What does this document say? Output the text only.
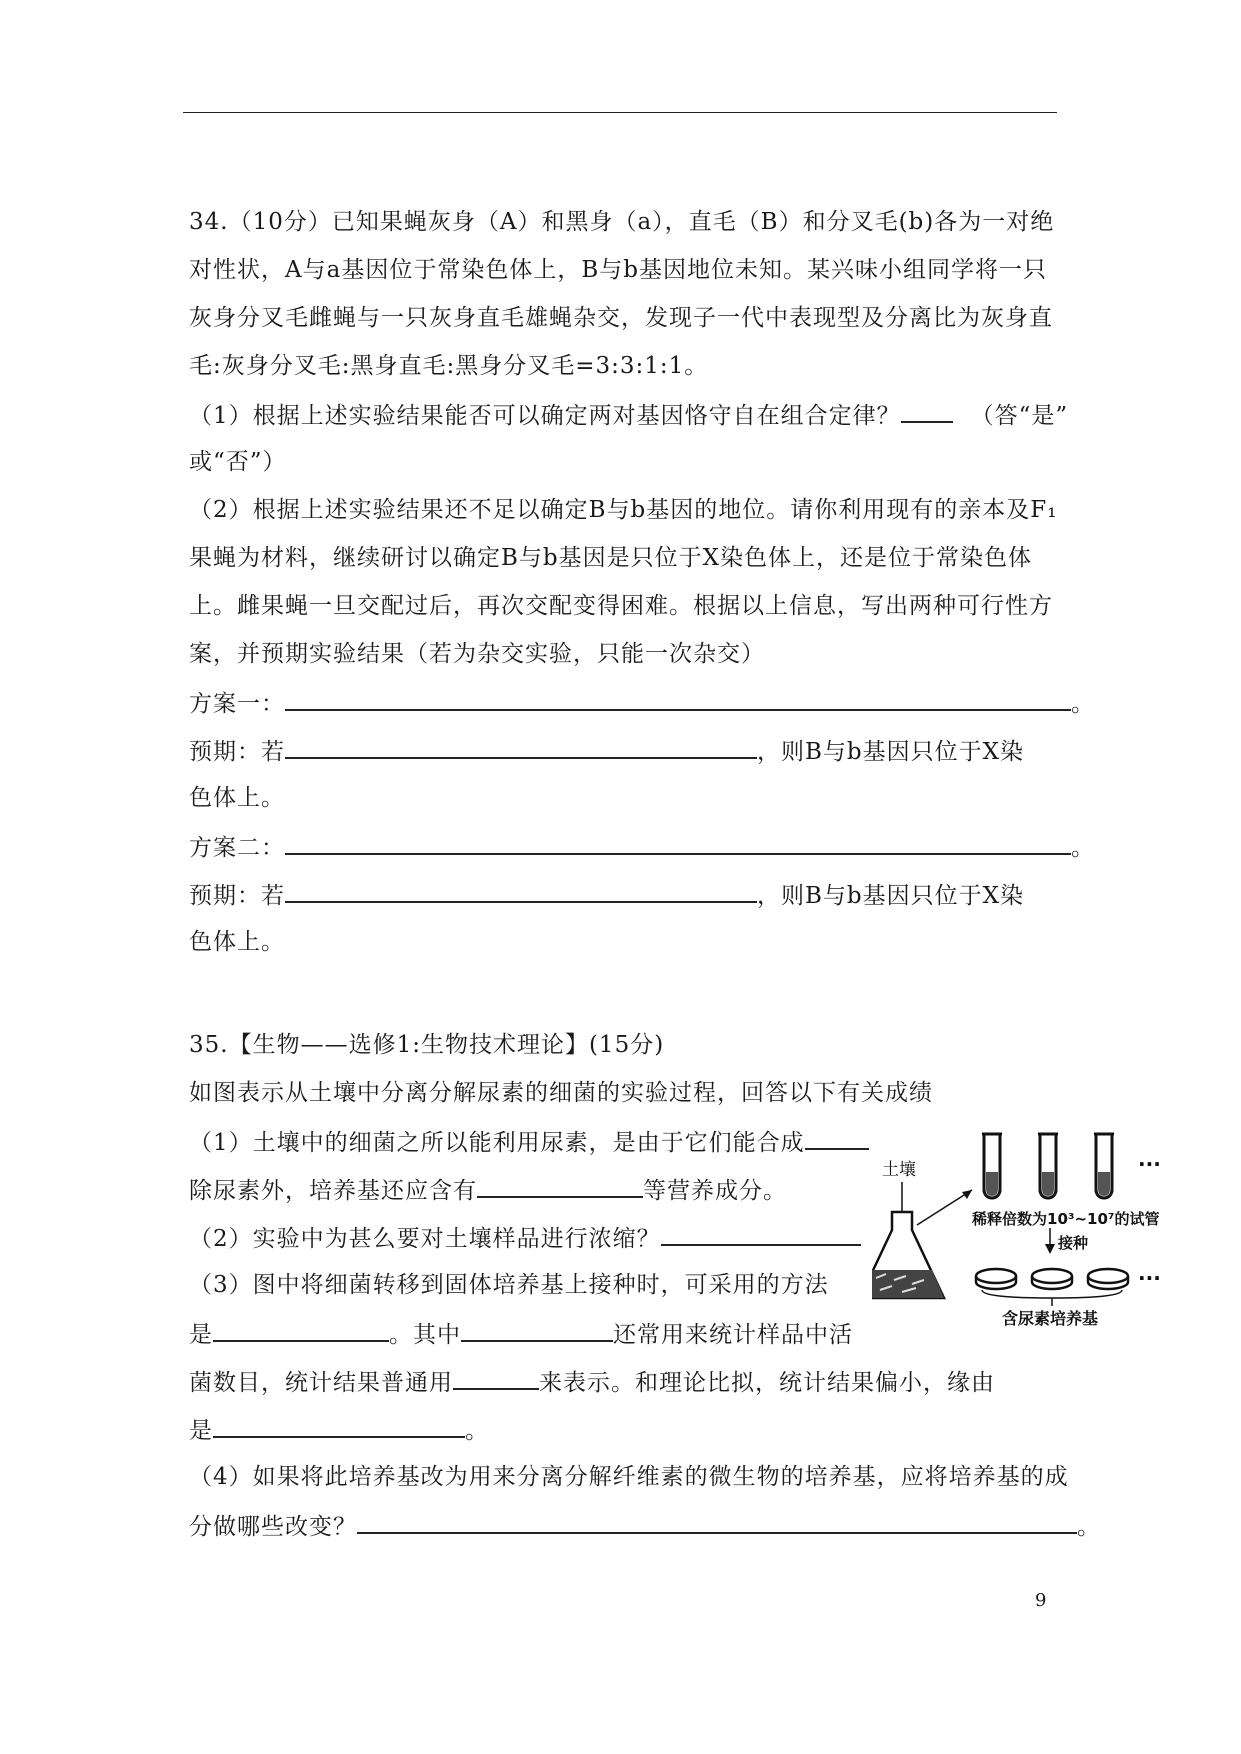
34.（10分）已知果蝇灰身（A）和黑身（a），直毛（B）和分叉毛(b)各为一对绝
对性状，A与a基因位于常染色体上，B与b基因地位未知。某兴味小组同学将一只
灰身分叉毛雌蝇与一只灰身直毛雄蝇杂交，发现子一代中表现型及分离比为灰身直
毛:灰身分叉毛:黑身直毛:黑身分叉毛=3:3:1:1。
（1）根据上述实验结果能否可以确定两对基因恪守自在组合定律？	（答“是”
或“否”）
（2）根据上述实验结果还不足以确定B与b基因的地位。请你利用现有的亲本及F₁
果蝇为材料，继续研讨以确定B与b基因是只位于X染色体上，还是位于常染色体
上。雌果蝇一旦交配过后，再次交配变得困难。根据以上信息，写出两种可行性方
案，并预期实验结果（若为杂交实验，只能一次杂交）
方案一：	。
预期：若	，则B与b基因只位于X染
色体上。
方案二：	。
预期：若	，则B与b基因只位于X染
色体上。
35.【生物——选修1:生物技术理论】(15分)
如图表示从土壤中分离分解尿素的细菌的实验过程，回答以下有关成绩
（1）土壤中的细菌之所以能利用尿素，是由于它们能合成
除尿素外，培养基还应含有	等营养成分。
（2）实验中为甚么要对土壤样品进行浓缩？
（3）图中将细菌转移到固体培养基上接种时，可采用的方法
是	。其中	还常用来统计样品中活
菌数目，统计结果普通用	来表示。和理论比拟，统计结果偏小，缘由
是	。
（4）如果将此培养基改为用来分离分解纤维素的微生物的培养基，应将培养基的成
分做哪些改变？	。
土壤	...
稀释倍数为10³~10⁷的试管
接种
...
含尿素培养基
9
